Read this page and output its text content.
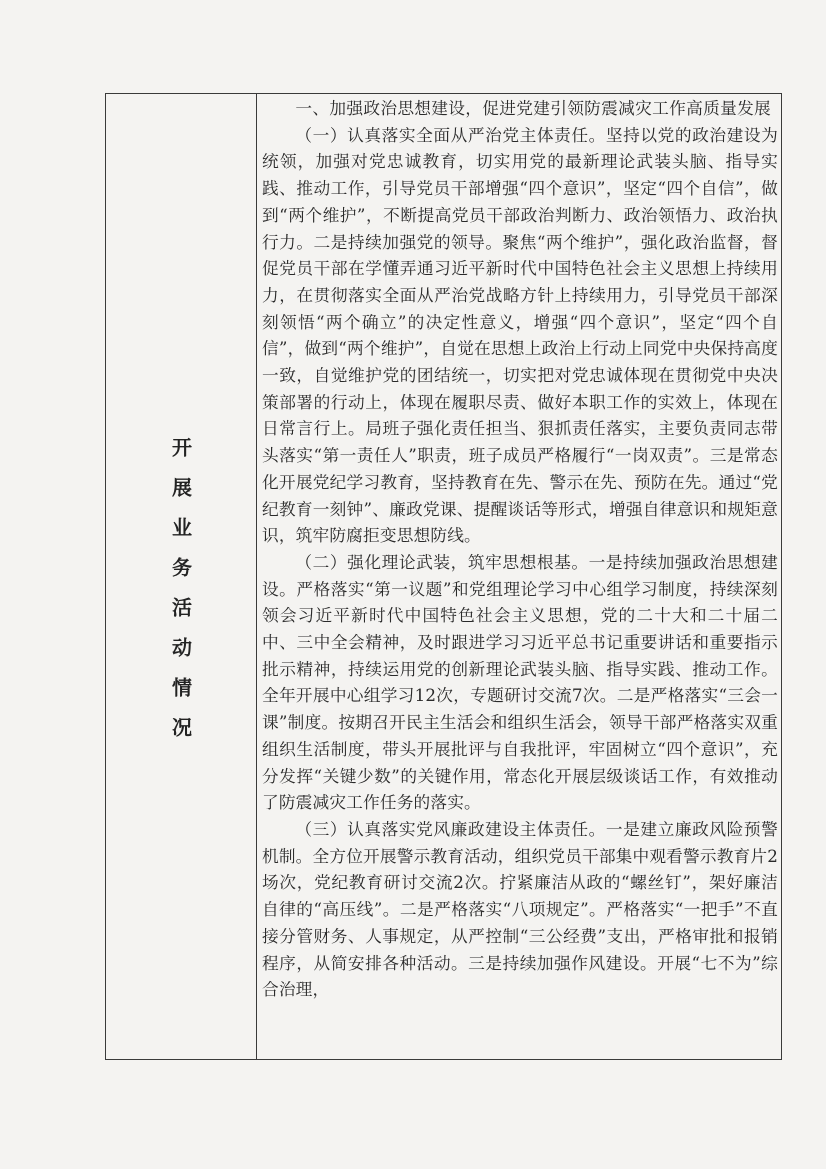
开展业务活动情况

一、加强政治思想建设，促进党建引领防震减灾工作高质量发展

（一）认真落实全面从严治党主体责任。坚持以党的政治建设为统领，加强对党忠诚教育，切实用党的最新理论武装头脑、指导实践、推动工作，引导党员干部增强“四个意识”，坚定“四个自信”，做到“两个维护”，不断提高党员干部政治判断力、政治领悟力、政治执行力。二是持续加强党的领导。聚焦“两个维护”，强化政治监督，督促党员干部在学懂弄通习近平新时代中国特色社会主义思想上持续用力，在贯彻落实全面从严治党战略方针上持续用力，引导党员干部深刻领悟“两个确立”的决定性意义，增强“四个意识”，坚定“四个自信”，做到“两个维护”，自觉在思想上政治上行动上同党中央保持高度一致，自觉维护党的团结统一，切实把对党忠诚体现在贯彻党中央决策部署的行动上，体现在履职尽责、做好本职工作的实效上，体现在日常言行上。局班子强化责任担当、狠抓责任落实，主要负责同志带头落实“第一责任人”职责，班子成员严格履行“一岗双责”。三是常态化开展党纪学习教育，坚持教育在先、警示在先、预防在先。通过“党纪教育一刻钟”、廉政党课、提醒谈话等形式，增强自律意识和规矩意识，筑牢防腐拒变思想防线。

（二）强化理论武装，筑牢思想根基。一是持续加强政治思想建设。严格落实“第一议题”和党组理论学习中心组学习制度，持续深刻领会习近平新时代中国特色社会主义思想，党的二十大和二十届二中、三中全会精神，及时跟进学习习近平总书记重要讲话和重要指示批示精神，持续运用党的创新理论武装头脑、指导实践、推动工作。全年开展中心组学习12次，专题研讨交流7次。二是严格落实“三会一课”制度。按期召开民主生活会和组织生活会，领导干部严格落实双重组织生活制度，带头开展批评与自我批评，牢固树立“四个意识”，充分发挥“关键少数”的关键作用，常态化开展层级谈话工作，有效推动了防震减灾工作任务的落实。

（三）认真落实党风廉政建设主体责任。一是建立廉政风险预警机制。全方位开展警示教育活动，组织党员干部集中观看警示教育片2场次，党纪教育研讨交流2次。拧紧廉洁从政的“螺丝钉”，架好廉洁自律的“高压线”。二是严格落实“八项规定”。严格落实“一把手”不直接分管财务、人事规定，从严控制“三公经费”支出，严格审批和报销程序，从简安排各种活动。三是持续加强作风建设。开展“七不为”综合治理，
